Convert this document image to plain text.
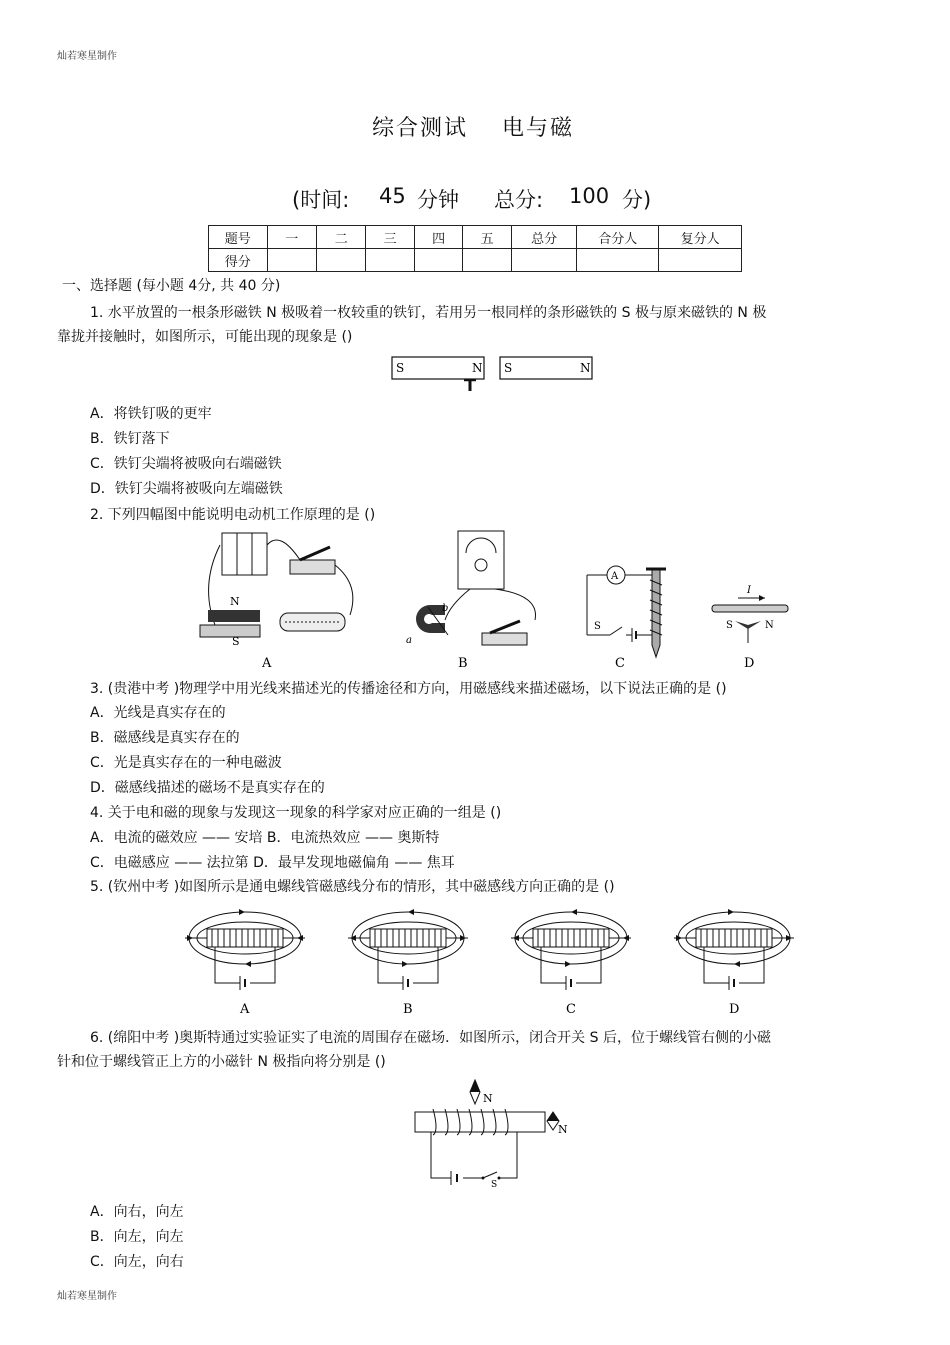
灿若寒星制作
灿若寒星制作
综合测试 电与磁
(时间: 45 分钟 总分: 100 分)
题号	一	二	三	四	五	总分	合分人	复分人
得分								
一、选择题 (每小题 4分, 共 40 分)
1. 水平放置的一根条形磁铁 N 极吸着一枚较重的铁钉，若用另一根同样的条形磁铁的 S 极与原来磁铁的 N 极
靠拢并接触时，如图所示，可能出现的现象是 ()
S	N S	N
A．将铁钉吸的更牢
B．铁钉落下
C．铁钉尖端将被吸向右端磁铁
D．铁钉尖端将被吸向左端磁铁
2. 下列四幅图中能说明电动机工作原理的是 ()
N
S
A
b
a
B
A
S
C
I
S	N
D
3. (贵港中考 )物理学中用光线来描述光的传播途径和方向，用磁感线来描述磁场，以下说法正确的是 ()
A．光线是真实存在的
B．磁感线是真实存在的
C．光是真实存在的一种电磁波
D．磁感线描述的磁场不是真实存在的
4. 关于电和磁的现象与发现这一现象的科学家对应正确的一组是 ()
A．电流的磁效应 —— 安培 B．电流热效应 —— 奥斯特
C．电磁感应 —— 法拉第 D．最早发现地磁偏角 —— 焦耳
5. (钦州中考 )如图所示是通电螺线管磁感线分布的情形，其中磁感线方向正确的是 ()
A	B	C	D
6. (绵阳中考 )奥斯特通过实验证实了电流的周围存在磁场．如图所示，闭合开关 S 后，位于螺线管右侧的小磁
针和位于螺线管正上方的小磁针 N 极指向将分别是 ()
N
N
S
A．向右，向左
B．向左，向左
C．向左，向右
